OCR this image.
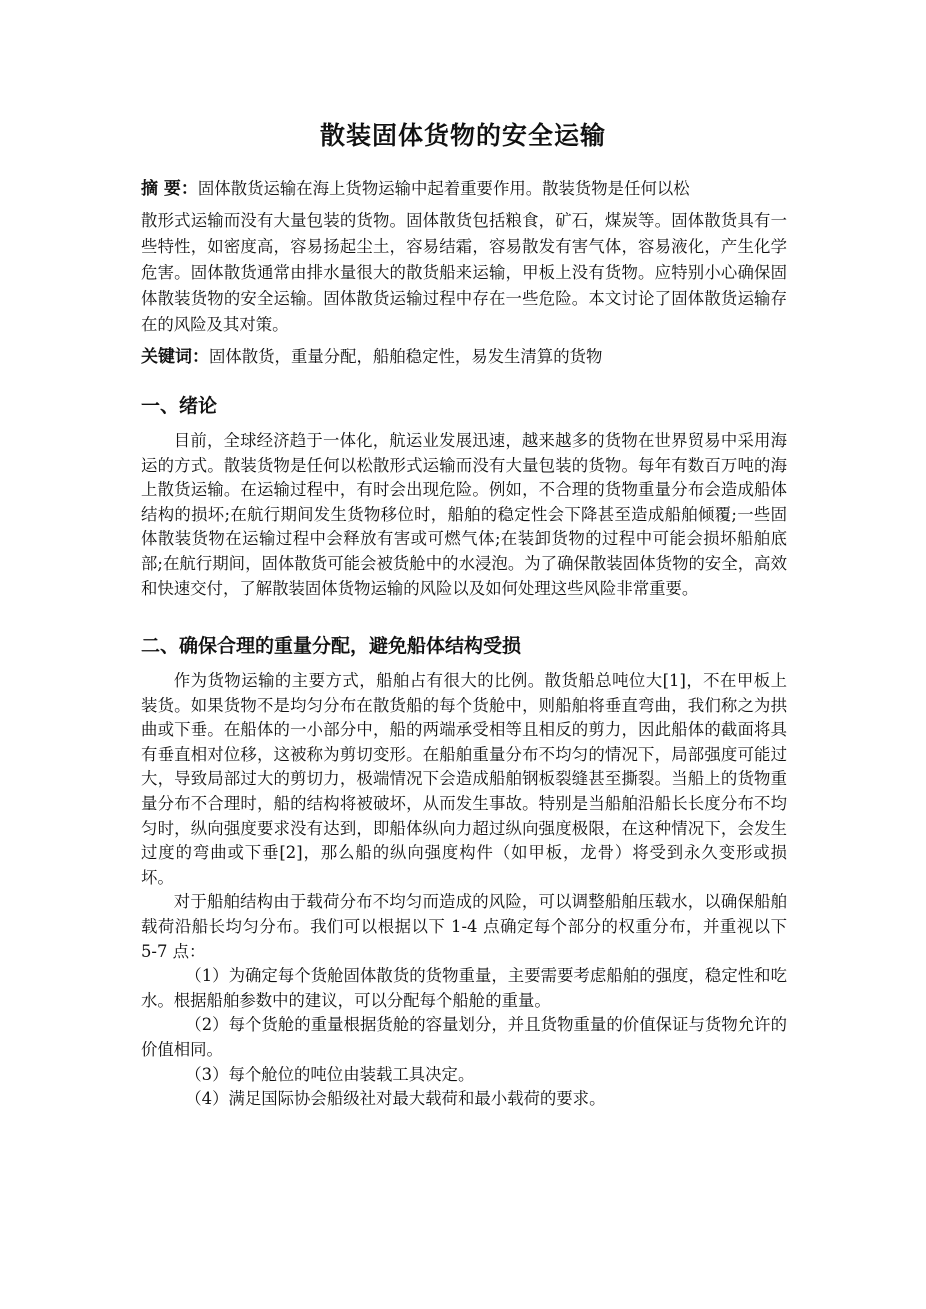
散装固体货物的安全运输
摘 要：固体散货运输在海上货物运输中起着重要作用。散装货物是任何以松
散形式运输而没有大量包装的货物。固体散货包括粮食，矿石，煤炭等。固体散货具有一些特性，如密度高，容易扬起尘土，容易结霜，容易散发有害气体，容易液化，产生化学危害。固体散货通常由排水量很大的散货船来运输，甲板上没有货物。应特别小心确保固体散装货物的安全运输。固体散货运输过程中存在一些危险。本文讨论了固体散货运输存在的风险及其对策。
关键词：固体散货，重量分配，船舶稳定性，易发生清算的货物
一、绪论

目前，全球经济趋于一体化，航运业发展迅速，越来越多的货物在世界贸易中采用海运的方式。散装货物是任何以松散形式运输而没有大量包装的货物。每年有数百万吨的海上散货运输。在运输过程中，有时会出现危险。例如，不合理的货物重量分布会造成船体结构的损坏;在航行期间发生货物移位时，船舶的稳定性会下降甚至造成船舶倾覆;一些固体散装货物在运输过程中会释放有害或可燃气体;在装卸货物的过程中可能会损坏船舶底部;在航行期间，固体散货可能会被货舱中的水浸泡。为了确保散装固体货物的安全，高效和快速交付，了解散装固体货物运输的风险以及如何处理这些风险非常重要。

二、确保合理的重量分配，避免船体结构受损

作为货物运输的主要方式，船舶占有很大的比例。散货船总吨位大[1]，不在甲板上装货。如果货物不是均匀分布在散货船的每个货舱中，则船舶将垂直弯曲，我们称之为拱曲或下垂。在船体的一小部分中，船的两端承受相等且相反的剪力，因此船体的截面将具有垂直相对位移，这被称为剪切变形。在船舶重量分布不均匀的情况下，局部强度可能过大，导致局部过大的剪切力，极端情况下会造成船舶钢板裂缝甚至撕裂。当船上的货物重量分布不合理时，船的结构将被破坏，从而发生事故。特别是当船舶沿船长长度分布不均匀时，纵向强度要求没有达到，即船体纵向力超过纵向强度极限，在这种情况下，会发生过度的弯曲或下垂[2]，那么船的纵向强度构件（如甲板，龙骨）将受到永久变形或损坏。

对于船舶结构由于载荷分布不均匀而造成的风险，可以调整船舶压载水，以确保船舶载荷沿船长均匀分布。我们可以根据以下 1-4 点确定每个部分的权重分布，并重视以下 5-7 点：

（1）为确定每个货舱固体散货的货物重量，主要需要考虑船舶的强度，稳定性和吃水。根据船舶参数中的建议，可以分配每个船舱的重量。

（2）每个货舱的重量根据货舱的容量划分，并且货物重量的价值保证与货物允许的价值相同。

（3）每个舱位的吨位由装载工具决定。

（4）满足国际协会船级社对最大载荷和最小载荷的要求。
